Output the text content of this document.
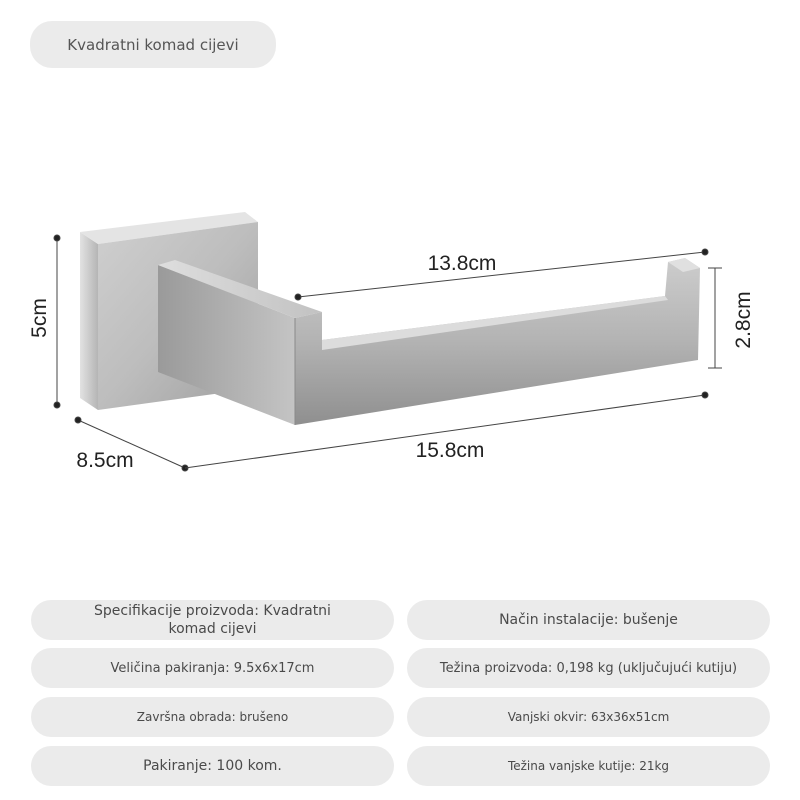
Kvadratni komad cijevi
5cm
8.5cm
13.8cm
15.8cm
2.8cm
Specifikacije proizvoda: Kvadratni komad cijevi
Način instalacije: bušenje
Veličina pakiranja: 9.5x6x17cm	Težina proizvoda: 0,198 kg (uključujući kutiju)
Završna obrada: brušeno	Vanjski okvir: 63x36x51cm
Pakiranje: 100 kom.	Težina vanjske kutije: 21kg
